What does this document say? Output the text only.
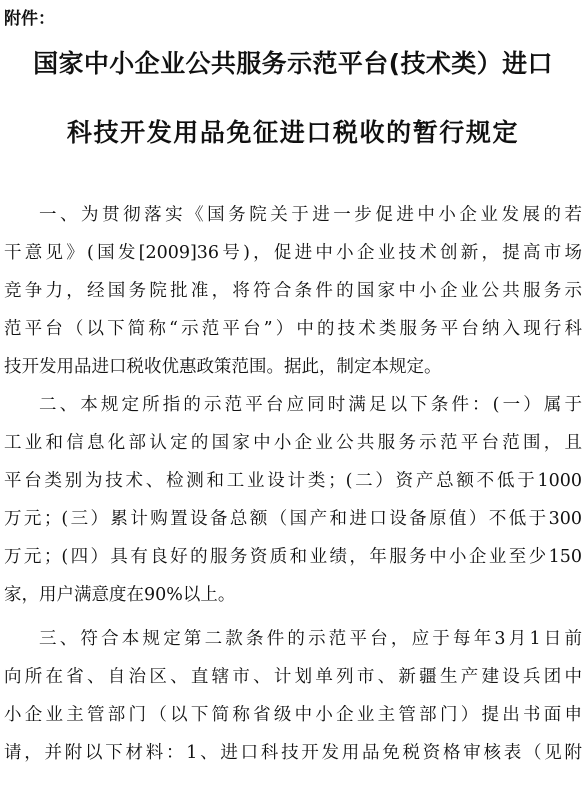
附件：
国家中小企业公共服务示范平台(技术类）进口
科技开发用品免征进口税收的暂行规定
一、为贯彻落实《国务院关于进一步促进中小企业发展的若
干意见》(国发[2009]36号)，促进中小企业技术创新，提高市场
竞争力，经国务院批准，将符合条件的国家中小企业公共服务示
范平台（以下简称“示范平台”）中的技术类服务平台纳入现行科
技开发用品进口税收优惠政策范围。据此，制定本规定。
二、本规定所指的示范平台应同时满足以下条件：(一）属于
工业和信息化部认定的国家中小企业公共服务示范平台范围，且
平台类别为技术、检测和工业设计类；(二）资产总额不低于1000
万元；(三）累计购置设备总额（国产和进口设备原值）不低于300
万元；(四）具有良好的服务资质和业绩，年服务中小企业至少150
家，用户满意度在90%以上。
三、符合本规定第二款条件的示范平台，应于每年3月1日前
向所在省、自治区、直辖市、计划单列市、新疆生产建设兵团中
小企业主管部门（以下简称省级中小企业主管部门）提出书面申
请，并附以下材料：1、进口科技开发用品免税资格审核表（见附
